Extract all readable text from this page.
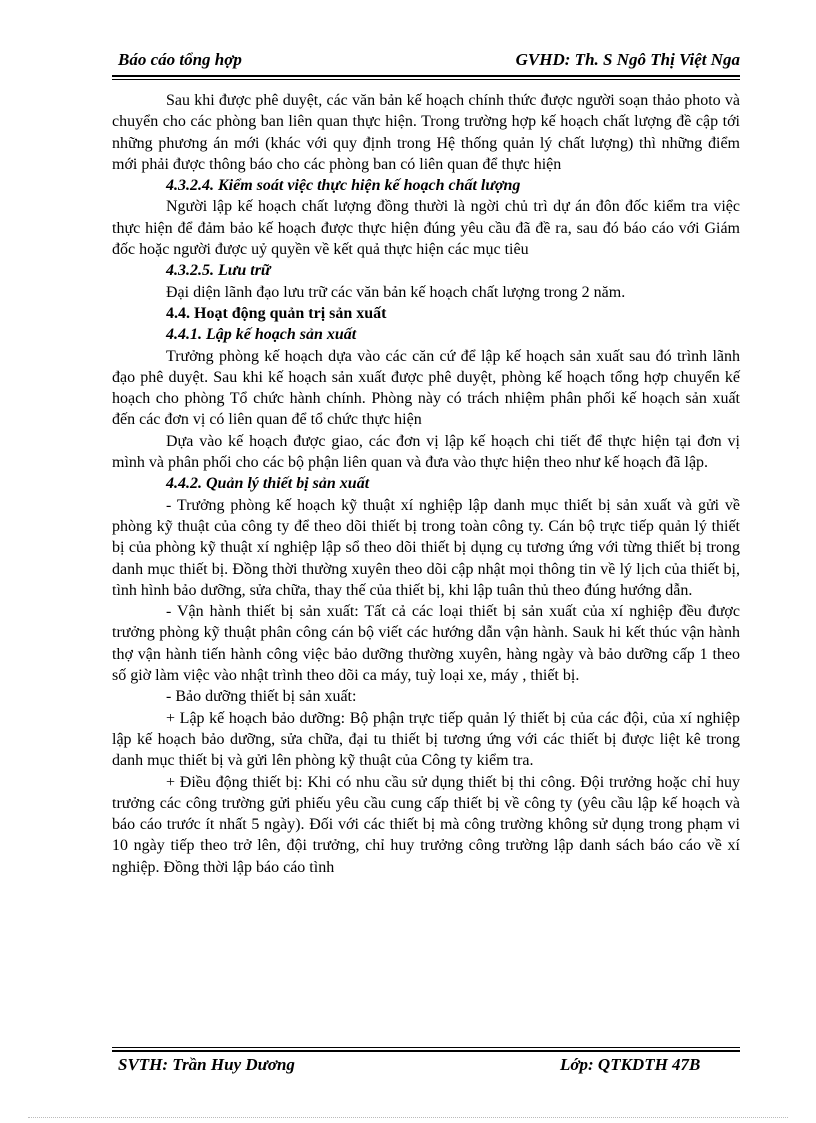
Báo cáo tổng hợp	GVHD: Th. S Ngô Thị Việt Nga

Sau khi được phê duyệt, các văn bản kế hoạch chính thức được người soạn thảo photo và chuyển cho các phòng ban liên quan thực hiện. Trong trường hợp kế hoạch chất lượng đề cập tới những phương án mới (khác với quy định trong Hệ thống quản lý chất lượng) thì những điểm mới phải được thông báo cho các phòng ban có liên quan để thực hiện

4.3.2.4. Kiểm soát việc thực hiện kế hoạch chất lượng

Người lập kế hoạch chất lượng đồng thười là ngời chủ trì dự án đôn đốc kiểm tra việc thực hiện để đảm bảo kế hoạch được thực hiện đúng yêu cầu đã đề ra, sau đó báo cáo với Giám đốc hoặc người được uỷ quyền về kết quả thực hiện các mục tiêu

4.3.2.5. Lưu trữ

Đại diện lãnh đạo lưu trữ các văn bản kế hoạch chất lượng trong 2 năm.

4.4. Hoạt động quản trị sản xuất

4.4.1. Lập kế hoạch sản xuất

Trưởng phòng kế hoạch dựa vào các căn cứ để lập kế hoạch sản xuất sau đó trình lãnh đạo phê duyệt. Sau khi kế hoạch sản xuất được phê duyệt, phòng kế hoạch tổng hợp chuyển kế hoạch cho phòng Tổ chức hành chính. Phòng này có trách nhiệm phân phối kế hoạch sản xuất đến các đơn vị có liên quan để tổ chức thực hiện

Dựa vào kế hoạch được giao, các đơn vị lập kế hoạch chi tiết để thực hiện tại đơn vị mình và phân phối cho các bộ phận liên quan và đưa vào thực hiện theo như kế hoạch đã lập.

4.4.2. Quản lý thiết bị sản xuất

- Trưởng phòng kế hoạch kỹ thuật xí nghiệp lập danh mục thiết bị sản xuất và gửi về phòng kỹ thuật của công ty để theo dõi thiết bị trong toàn công ty. Cán bộ trực tiếp quản lý thiết bị của phòng kỹ thuật xí nghiệp lập sổ theo dõi thiết bị dụng cụ tương ứng với từng thiết bị trong danh mục thiết bị. Đồng thời thường xuyên theo dõi cập nhật mọi thông tin về lý lịch của thiết bị, tình hình bảo dưỡng, sửa chữa, thay thế của thiết bị, khi lập tuân thủ theo đúng hướng dẫn.

- Vận hành thiết bị sản xuất: Tất cả các loại thiết bị sản xuất của xí nghiệp đều được trưởng phòng kỹ thuật phân công cán bộ viết các hướng dẫn vận hành. Sauk hi kết thúc vận hành thợ vận hành tiến hành công việc bảo dưỡng thường xuyên, hàng ngày và bảo dưỡng cấp 1 theo số giờ làm việc vào nhật trình theo dõi ca máy, tuỳ loại xe, máy , thiết bị.

- Bảo dưỡng thiết bị sản xuất:

+ Lập kế hoạch bảo dưỡng: Bộ phận trực tiếp quản lý thiết bị của các đội, của xí nghiệp lập kế hoạch bảo dưỡng, sửa chữa, đại tu thiết bị tương ứng với các thiết bị được liệt kê trong danh mục thiết bị và gửi lên phòng kỹ thuật của Công ty kiểm tra.

+ Điều động thiết bị: Khi có nhu cầu sử dụng thiết bị thi công. Đội trưởng hoặc chỉ huy trưởng các công trường gửi phiếu yêu cầu cung cấp thiết bị về công ty (yêu cầu lập kế hoạch và báo cáo trước ít nhất 5 ngày). Đối với các thiết bị mà công trường không sử dụng trong phạm vi 10 ngày tiếp theo trở lên, đội trưởng, chỉ huy trưởng công trường lập danh sách báo cáo về xí nghiệp. Đồng thời lập báo cáo tình

SVTH: Trần Huy Dương	Lớp: QTKDTH 47B
